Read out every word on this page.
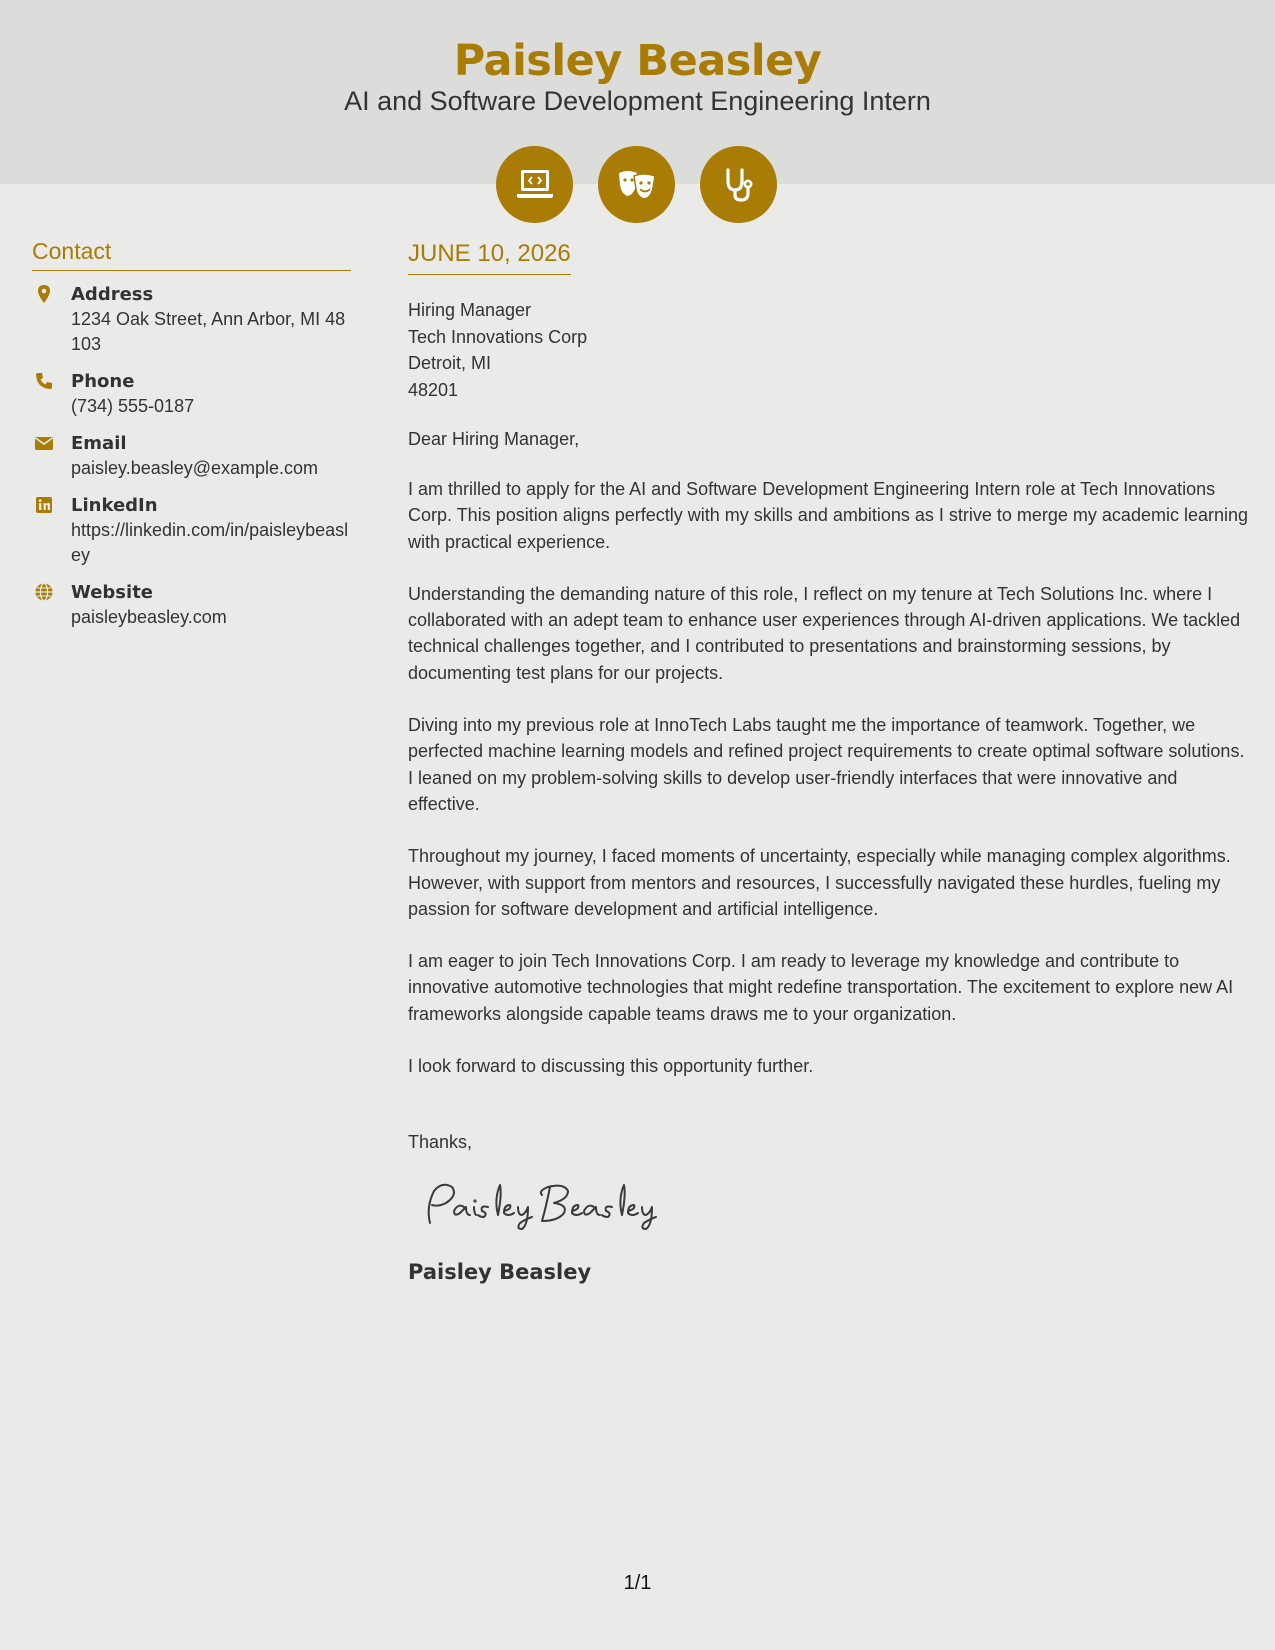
Paisley Beasley
AI and Software Development Engineering Intern
Contact
Address
1234 Oak Street, Ann Arbor, MI 48103
Phone
(734) 555-0187
Email
paisley.beasley@example.com
LinkedIn
https://linkedin.com/in/paisleybeasley
Website
paisleybeasley.com
JUNE 10, 2026
Hiring Manager
Tech Innovations Corp
Detroit, MI
48201
Dear Hiring Manager,

I am thrilled to apply for the AI and Software Development Engineering Intern role at Tech Innovations Corp. This position aligns perfectly with my skills and ambitions as I strive to merge my academic learning with practical experience.

Understanding the demanding nature of this role, I reflect on my tenure at Tech Solutions Inc. where I collaborated with an adept team to enhance user experiences through AI-driven applications. We tackled technical challenges together, and I contributed to presentations and brainstorming sessions, by documenting test plans for our projects.

Diving into my previous role at InnoTech Labs taught me the importance of teamwork. Together, we perfected machine learning models and refined project requirements to create optimal software solutions. I leaned on my problem-solving skills to develop user-friendly interfaces that were innovative and effective.

Throughout my journey, I faced moments of uncertainty, especially while managing complex algorithms. However, with support from mentors and resources, I successfully navigated these hurdles, fueling my passion for software development and artificial intelligence.

I am eager to join Tech Innovations Corp. I am ready to leverage my knowledge and contribute to innovative automotive technologies that might redefine transportation. The excitement to explore new AI frameworks alongside capable teams draws me to your organization.

I look forward to discussing this opportunity further.

Thanks,
Paisley Beasley
1/1
